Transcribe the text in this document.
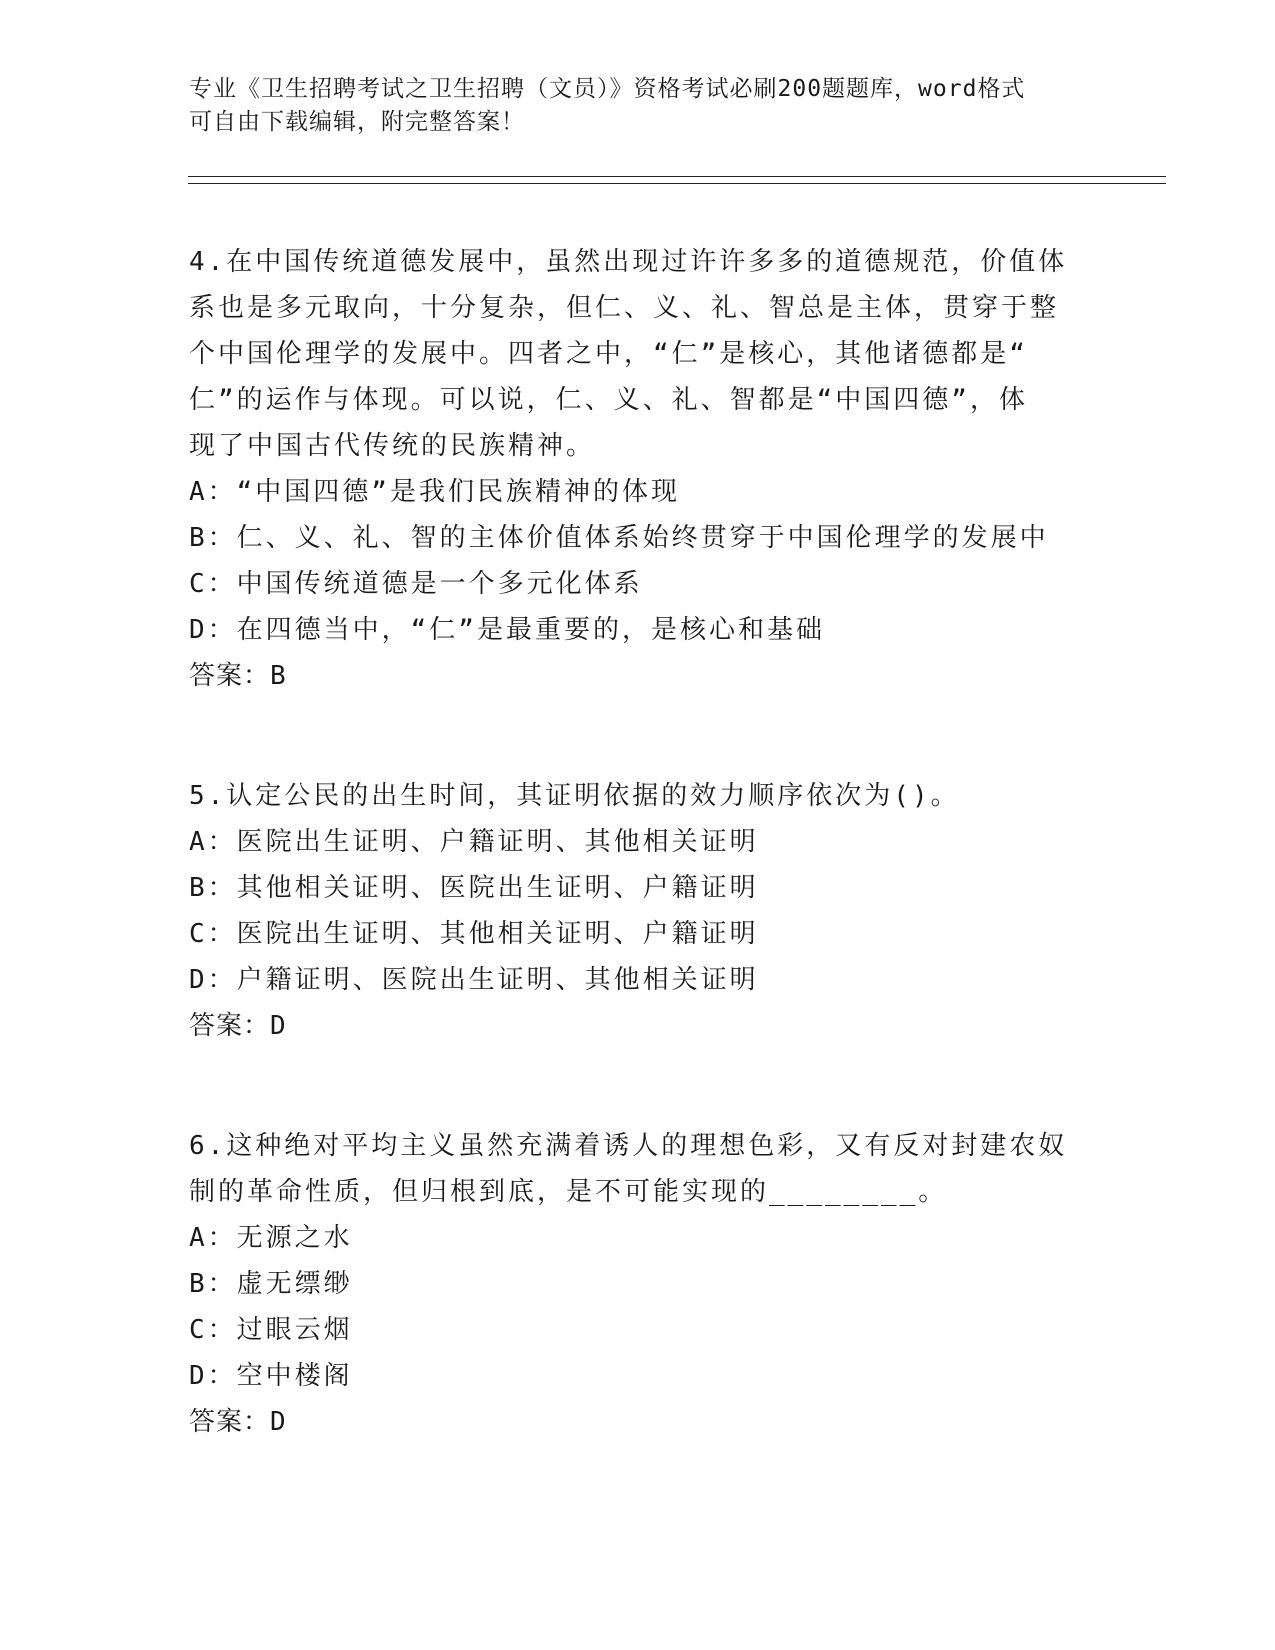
专业《卫生招聘考试之卫生招聘（文员）》资格考试必刷200题题库，word格式
可自由下载编辑，附完整答案！
4.在中国传统道德发展中，虽然出现过许许多多的道德规范，价值体
系也是多元取向，十分复杂，但仁、义、礼、智总是主体，贯穿于整
个中国伦理学的发展中。四者之中，“仁”是核心，其他诸德都是“
仁”的运作与体现。可以说，仁、义、礼、智都是“中国四德”，体
现了中国古代传统的民族精神。
A：“中国四德”是我们民族精神的体现
B：仁、义、礼、智的主体价值体系始终贯穿于中国伦理学的发展中
C：中国传统道德是一个多元化体系
D：在四德当中，“仁”是最重要的，是核心和基础
答案：B
5.认定公民的出生时间，其证明依据的效力顺序依次为()。
A：医院出生证明、户籍证明、其他相关证明
B：其他相关证明、医院出生证明、户籍证明
C：医院出生证明、其他相关证明、户籍证明
D：户籍证明、医院出生证明、其他相关证明
答案：D
6.这种绝对平均主义虽然充满着诱人的理想色彩，又有反对封建农奴
制的革命性质，但归根到底，是不可能实现的________。
A：无源之水
B：虚无缥缈
C：过眼云烟
D：空中楼阁
答案：D
